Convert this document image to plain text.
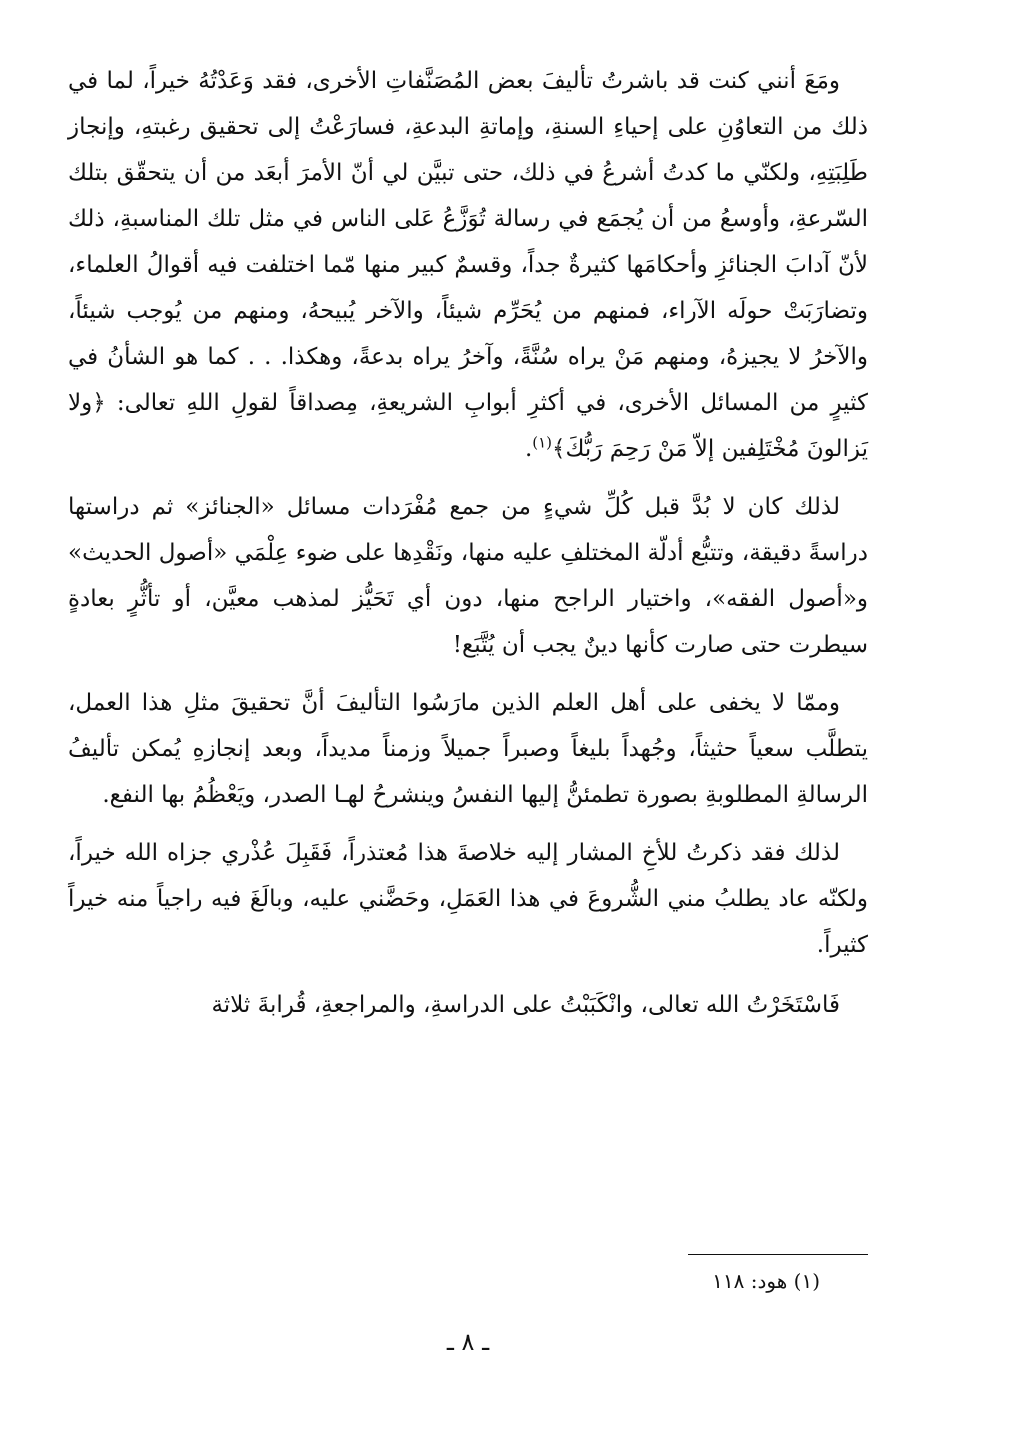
ومَعَ أنني كنت قد باشرتُ تأليفَ بعض المُصَنَّفاتِ الأخرى، فقد وَعَدْتُهُ خيراً، لما في ذلك من التعاوُنِ على إحياءِ السنةِ، وإماتةِ البدعةِ، فسارَعْتُ إلى تحقيق رغبتهِ، وإنجاز طَلِبَتِهِ، ولكنّي ما كدتُ أشرعُ في ذلك، حتى تبيَّن لي أنّ الأمرَ أبعَد من أن يتحقّق بتلك السّرعةِ، وأوسعُ من أن يُجمَع في رسالة تُوَزَّعُ عَلى الناس في مثل تلك المناسبةِ، ذلك لأنّ آدابَ الجنائزِ وأحكامَها كثيرةٌ جداً، وقسمٌ كبير منها مّما اختلفت فيه أقوالُ العلماء، وتضارَبَتْ حولَه الآراء، فمنهم من يُحَرِّم شيئاً، والآخر يُبيحهُ، ومنهم من يُوجب شيئاً، والآخرُ لا يجيزهُ، ومنهم مَنْ يراه سُنَّةً، وآخرُ يراه بدعةً، وهكذا. . . كما هو الشأنُ في كثيرٍ من المسائل الأخرى، في أكثرِ أبوابِ الشريعةِ، مِصداقاً لقولِ اللهِ تعالى: ﴿ولا يَزالونَ مُخْتَلِفين إلاّ مَنْ رَحِمَ رَبُّكَ﴾$^{(١)}$.

لذلك كان لا بُدَّ قبل كُلِّ شيءٍ من جمع مُفْرَدات مسائل «الجنائز» ثم دراستها دراسةً دقيقة، وتتبُّع أدلّة المختلفِ عليه منها، ونَقْدِها على ضوء عِلْمَي «أصول الحديث» و«أصول الفقه»، واختيار الراجح منها، دون أي تَحَيُّز لمذهب معيَّن، أو تأثُّرٍ بعادةٍ سيطرت حتى صارت كأنها دينٌ يجب أن يُتَّبَع!

وممّا لا يخفى على أهل العلم الذين مارَسُوا التأليفَ أنَّ تحقيقَ مثلِ هذا العمل، يتطلَّب سعياً حثيثاً، وجُهداً بليغاً وصبراً جميلاً وزمناً مديداً، وبعد إنجازهِ يُمكن تأليفُ الرسالةِ المطلوبةِ بصورة تطمئنُّ إليها النفسُ وينشرحُ لهـا الصدر، ويَعْظُمُ بها النفع.

لذلك فقد ذكرتُ للأخِ المشار إليه خلاصةَ هذا مُعتذراً، فَقَبِلَ عُذْري جزاه الله خيراً، ولكنّه عاد يطلبُ مني الشُّروعَ في هذا العَمَلِ، وحَضَّني عليه، وبالَغَ فيه راجياً منه خيراً كثيراً.

فَاسْتَخَرْتُ الله تعالى، وانْكَبَبْتُ على الدراسةِ، والمراجعةِ، قُرابةَ ثلاثة

(١) هود: ١١٨
ـ ٨ ـ
